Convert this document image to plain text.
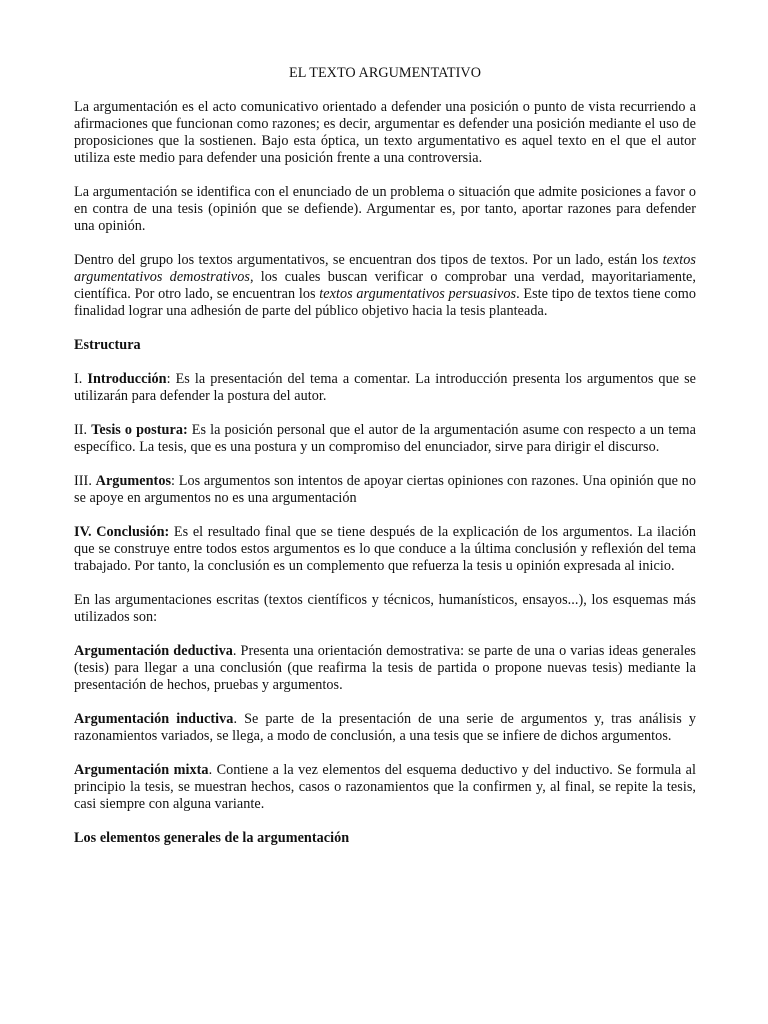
EL TEXTO ARGUMENTATIVO

La argumentación es el acto comunicativo orientado a defender una posición o punto de vista recurriendo a afirmaciones que funcionan como razones; es decir, argumentar es defender una posición mediante el uso de proposiciones que la sostienen. Bajo esta óptica, un texto argumentativo es aquel texto en el que el autor utiliza este medio para defender una posición frente a una controversia.

La argumentación se identifica con el enunciado de un problema o situación que admite posiciones a favor o en contra de una tesis (opinión que se defiende). Argumentar es, por tanto, aportar razones para defender una opinión.

Dentro del grupo los textos argumentativos, se encuentran dos tipos de textos. Por un lado, están los textos argumentativos demostrativos, los cuales buscan verificar o comprobar una verdad, mayoritariamente, científica. Por otro lado, se encuentran los textos argumentativos persuasivos. Este tipo de textos tiene como finalidad lograr una adhesión de parte del público objetivo hacia la tesis planteada.

Estructura

I. Introducción: Es la presentación del tema a comentar. La introducción presenta los argumentos que se utilizarán para defender la postura del autor.

II. Tesis o postura: Es la posición personal que el autor de la argumentación asume con respecto a un tema específico. La tesis, que es una postura y un compromiso del enunciador, sirve para dirigir el discurso.

III. Argumentos: Los argumentos son intentos de apoyar ciertas opiniones con razones. Una opinión que no se apoye en argumentos no es una argumentación

IV. Conclusión: Es el resultado final que se tiene después de la explicación de los argumentos. La ilación que se construye entre todos estos argumentos es lo que conduce a la última conclusión y reflexión del tema trabajado. Por tanto, la conclusión es un complemento que refuerza la tesis u opinión expresada al inicio.

En las argumentaciones escritas (textos científicos y técnicos, humanísticos, ensayos...), los esquemas más utilizados son:

Argumentación deductiva. Presenta una orientación demostrativa: se parte de una o varias ideas generales (tesis) para llegar a una conclusión (que reafirma la tesis de partida o propone nuevas tesis) mediante la presentación de hechos, pruebas y argumentos.

Argumentación inductiva. Se parte de la presentación de una serie de argumentos y, tras análisis y razonamientos variados, se llega, a modo de conclusión, a una tesis que se infiere de dichos argumentos.

Argumentación mixta. Contiene a la vez elementos del esquema deductivo y del inductivo. Se formula al principio la tesis, se muestran hechos, casos o razonamientos que la confirmen y, al final, se repite la tesis, casi siempre con alguna variante.

Los elementos generales de la argumentación
